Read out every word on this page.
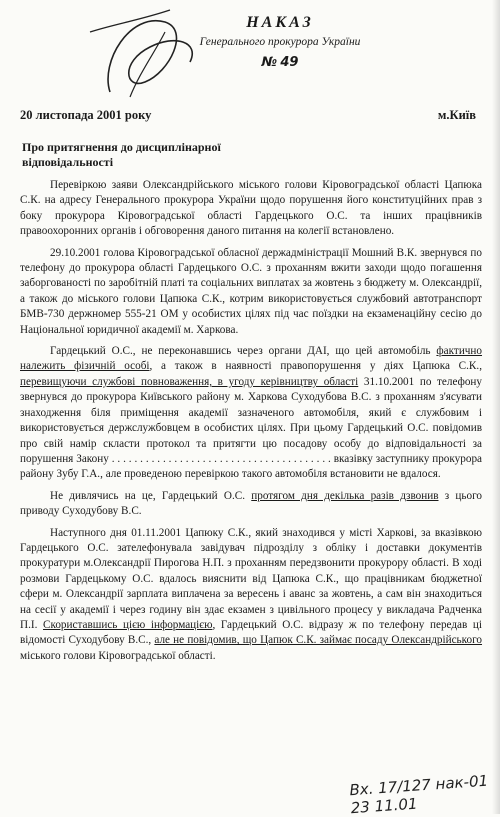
НАКАЗ
Генерального прокурора України
№ 49
20 листопада 2001 року	м.Київ
Про притягнення до дисциплінарної відповідальності

Перевіркою заяви Олександрійського міського голови Кіровоградської області Цапюка С.К. на адресу Генерального прокурора України щодо порушення його конституційних прав з боку прокурора Кіровоградської області Гардецького О.С. та інших працівників правоохоронних органів і обговорення даного питання на колегії встановлено.

29.10.2001 голова Кіровоградської обласної держадміністрації Мошний В.К. звернувся по телефону до прокурора області Гардецького О.С. з проханням вжити заходи щодо погашення заборгованості по заробітній платі та соціальних виплатах за жовтень з бюджету м. Олександрії, а також до міського голови Цапюка С.К., котрим використовується службовий автотранспорт БМВ-730 держномер 555-21 ОМ у особистих цілях під час поїздки на екзаменаційну сесію до Національної юридичної академії м. Харкова.

Гардецький О.С., не переконавшись через органи ДАІ, що цей автомобіль фактично належить фізичній особі, а також в наявності правопорушення у діях Цапюка С.К., перевищуючи службові повноваження, в угоду керівництву області 31.10.2001 по телефону звернувся до прокурора Київського району м. Харкова Суходубова В.С. з проханням з'ясувати знаходження біля приміщення академії зазначеного автомобіля, який є службовим і використовується держслужбовцем в особистих цілях. При цьому Гардецький О.С. повідомив про свій намір скласти протокол та притягти цю посадову особу до відповідальності за порушення Закону . . . . . . . . . . . . . . . . . . . . . . . . . . . . . . . . . . . . . . . вказівку заступнику прокурора району Зубу Г.А., але проведеною перевіркою такого автомобіля встановити не вдалося.

Не дивлячись на це, Гардецький О.С. протягом дня декілька разів дзвонив з цього приводу Суходубову В.С.

Наступного дня 01.11.2001 Цапюку С.К., який знаходився у місті Харкові, за вказівкою Гардецького О.С. зателефонувала завідувач підрозділу з обліку і доставки документів прокуратури м.Олександрії Пирогова Н.П. з проханням передзвонити прокурору області. В ході розмови Гардецькому О.С. вдалось вияснити від Цапюка С.К., що працівникам бюджетної сфери м. Олександрії зарплата виплачена за вересень і аванс за жовтень, а сам він знаходиться на сесії у академії і через годину він здає екзамен з цивільного процесу у викладача Радченка П.І. Скориставшись цією інформацією, Гардецький О.С. відразу ж по телефону передав ці відомості Суходубову В.С., але не повідомив, що Цапюк С.К. займає посаду Олександрійського міського голови Кіровоградської області.

Вх. 17/127 нак-01 23 11.01
